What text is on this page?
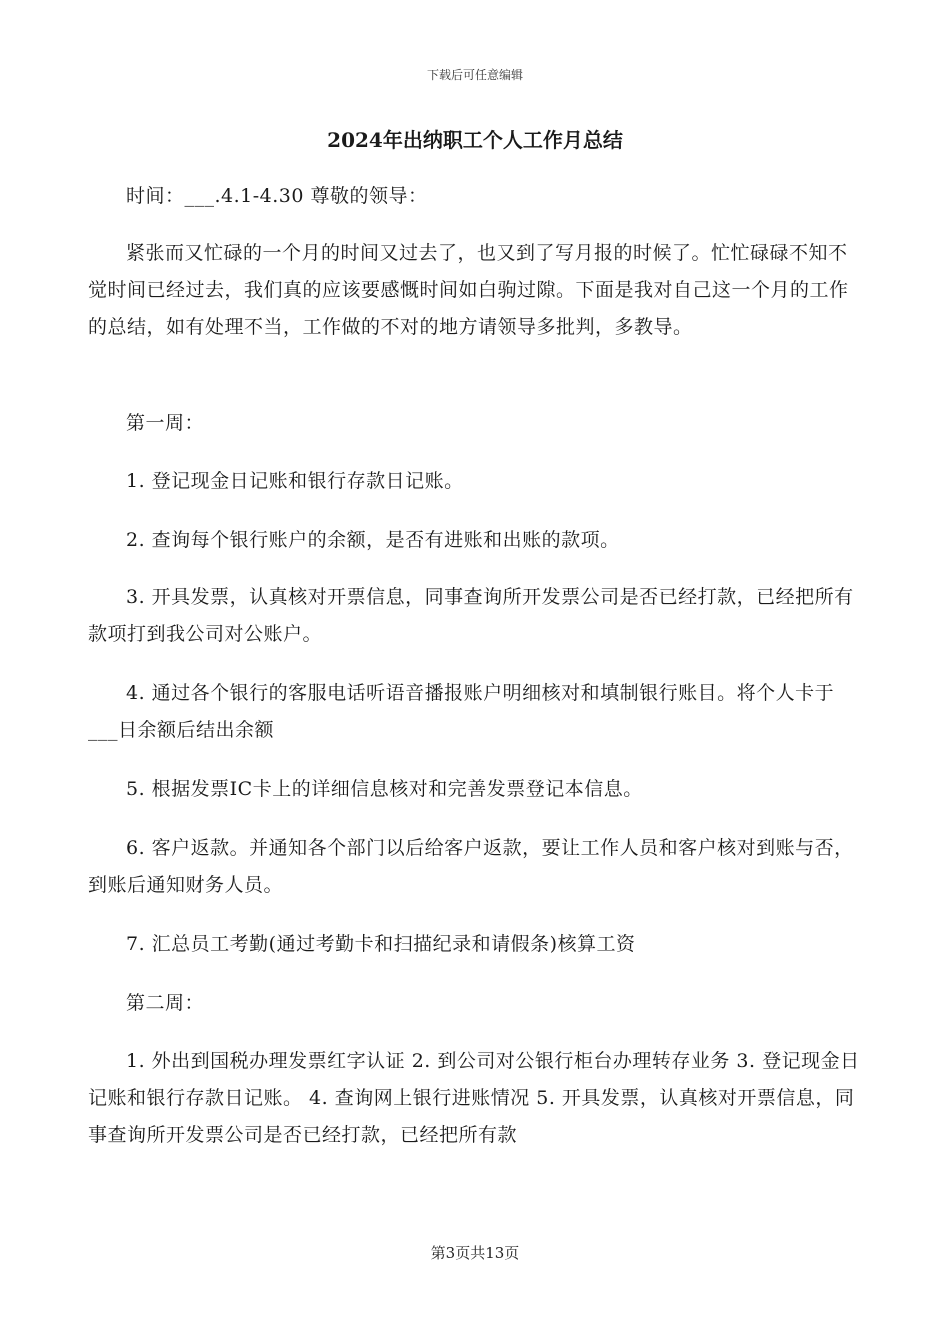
下载后可任意编辑
2024年出纳职工个人工作月总结

时间：___.4.1-4.30 尊敬的领导：

紧张而又忙碌的一个月的时间又过去了，也又到了写月报的时候了。忙忙碌碌不知不觉时间已经过去，我们真的应该要感慨时间如白驹过隙。下面是我对自己这一个月的工作的总结，如有处理不当，工作做的不对的地方请领导多批判，多教导。

第一周：

1. 登记现金日记账和银行存款日记账。

2. 查询每个银行账户的余额，是否有进账和出账的款项。

3. 开具发票，认真核对开票信息，同事查询所开发票公司是否已经打款，已经把所有款项打到我公司对公账户。

4. 通过各个银行的客服电话听语音播报账户明细核对和填制银行账目。将个人卡于___日余额后结出余额

5. 根据发票IC卡上的详细信息核对和完善发票登记本信息。

6. 客户返款。并通知各个部门以后给客户返款，要让工作人员和客户核对到账与否，到账后通知财务人员。

7. 汇总员工考勤(通过考勤卡和扫描纪录和请假条)核算工资

第二周：

1. 外出到国税办理发票红字认证 2. 到公司对公银行柜台办理转存业务 3. 登记现金日记账和银行存款日记账。 4. 查询网上银行进账情况 5. 开具发票，认真核对开票信息，同事查询所开发票公司是否已经打款，已经把所有款

第3页共13页
